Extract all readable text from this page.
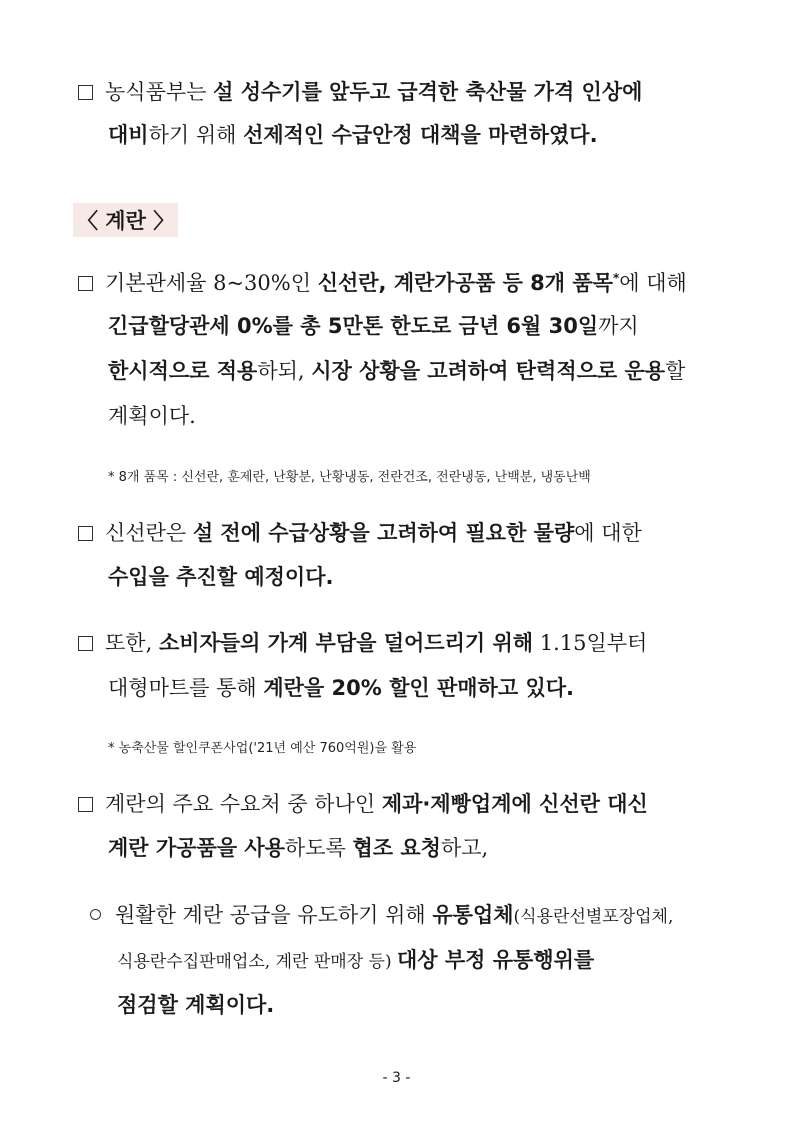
농식품부는 설 성수기를 앞두고 급격한 축산물 가격 인상에
대비하기 위해 선제적인 수급안정 대책을 마련하였다.
〈 계란 〉
기본관세율 8~30%인 신선란, 계란가공품 등 8개 품목*에 대해
긴급할당관세 0%를 총 5만톤 한도로 금년 6월 30일까지
한시적으로 적용하되, 시장 상황을 고려하여 탄력적으로 운용할
계획이다.
* 8개 품목 : 신선란, 훈제란, 난황분, 난황냉동, 전란건조, 전란냉동, 난백분, 냉동난백
신선란은 설 전에 수급상황을 고려하여 필요한 물량에 대한
수입을 추진할 예정이다.
또한, 소비자들의 가계 부담을 덜어드리기 위해 1.15일부터
대형마트를 통해 계란을 20% 할인 판매하고 있다.
* 농축산물 할인쿠폰사업('21년 예산 760억원)을 활용
계란의 주요 수요처 중 하나인 제과·제빵업계에 신선란 대신
계란 가공품을 사용하도록 협조 요청하고,
원활한 계란 공급을 유도하기 위해 유통업체(식용란선별포장업체,
식용란수집판매업소, 계란 판매장 등) 대상 부정 유통행위를
점검할 계획이다.
- 3 -
